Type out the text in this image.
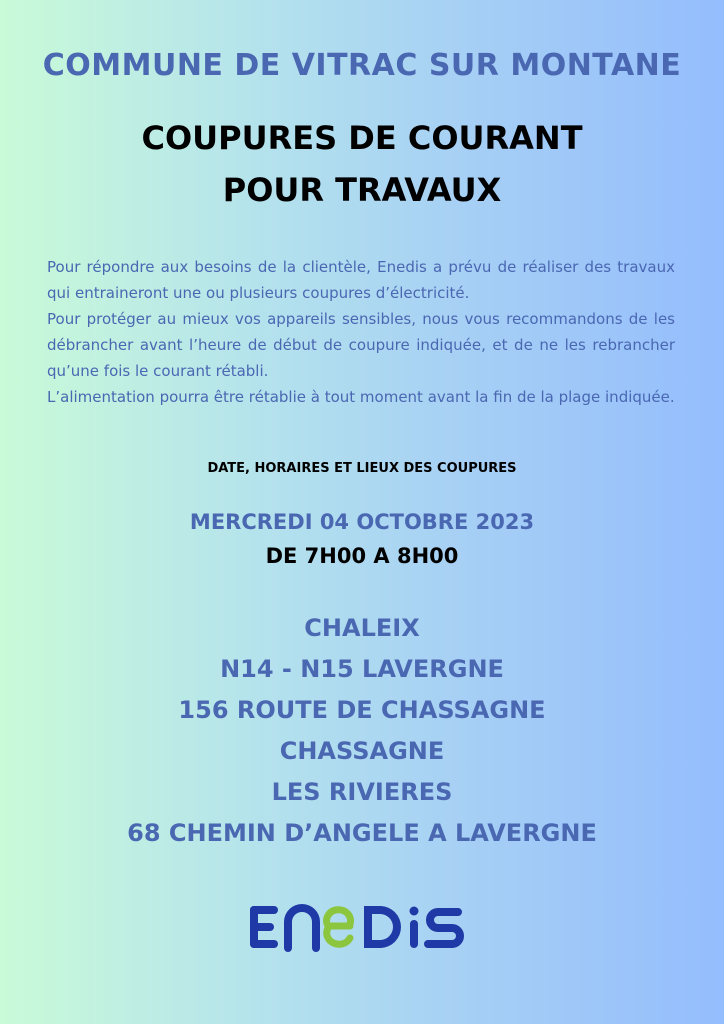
COMMUNE DE VITRAC SUR MONTANE
COUPURES DE COURANT
POUR TRAVAUX

Pour répondre aux besoins de la clientèle, Enedis a prévu de réaliser des travaux qui entraineront une ou plusieurs coupures d’électricité.

Pour protéger au mieux vos appareils sensibles, nous vous recommandons de les débrancher avant l’heure de début de coupure indiquée, et de ne les rebrancher qu’une fois le courant rétabli.

L’alimentation pourra être rétablie à tout moment avant la fin de la plage indiquée.

DATE, HORAIRES ET LIEUX DES COUPURES
MERCREDI 04 OCTOBRE 2023
DE 7H00 A 8H00
CHALEIX
N14 - N15 LAVERGNE
156 ROUTE DE CHASSAGNE
CHASSAGNE
LES RIVIERES
68 CHEMIN D’ANGELE A LAVERGNE
